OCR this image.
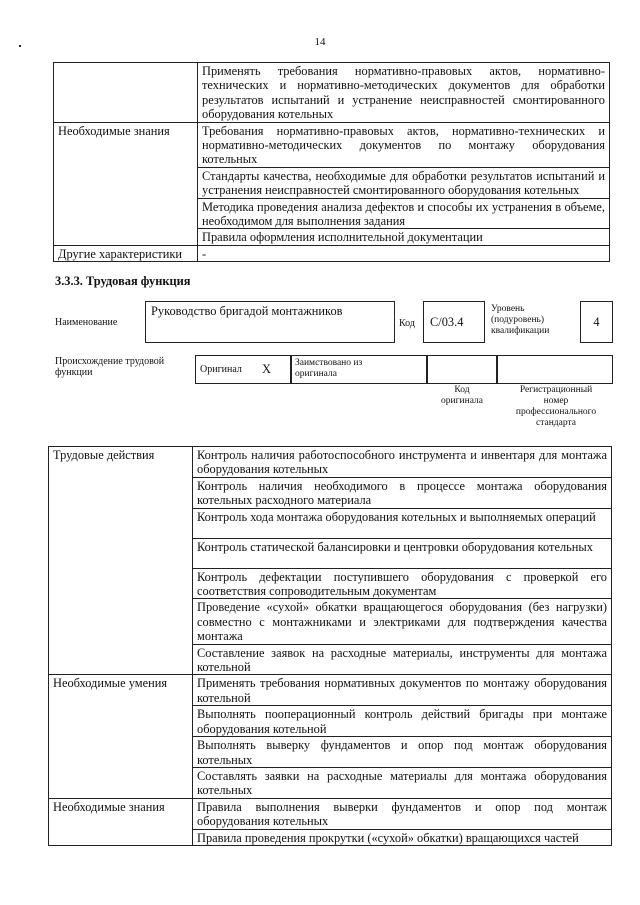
14
	Применять требования нормативно-правовых актов, нормативно-технических и нормативно-методических документов для обработки результатов испытаний и устранение неисправностей смонтированного оборудования котельных
Необходимые знания	Требования нормативно-правовых актов, нормативно-технических и нормативно-методических документов по монтажу оборудования котельных
	Стандарты качества, необходимые для обработки результатов испытаний и устранения неисправностей смонтированного оборудования котельных
	Методика проведения анализа дефектов и способы их устранения в объеме, необходимом для выполнения задания
	Правила оформления исполнительной документации
Другие характеристики	-
3.3.3. Трудовая функция
Наименование
Руководство бригадой монтажников
Код	C/03.4
Уровень
(подуровень)
квалификации
4
Происхождение трудовой
функции	Оригинал X	Заимствовано из
оригинала
Код
оригинала
Регистрационный
номер
профессионального
стандарта
Трудовые действия	Контроль наличия работоспособного инструмента и инвентаря для монтажа оборудования котельных
	Контроль наличия необходимого в процессе монтажа оборудования котельных расходного материала
	Контроль хода монтажа оборудования котельных и выполняемых операций
	Контроль статической балансировки и центровки оборудования котельных
	Контроль дефектации поступившего оборудования с проверкой его соответствия сопроводительным документам
	Проведение «сухой» обкатки вращающегося оборудования (без нагрузки) совместно с монтажниками и электриками для подтверждения качества монтажа
	Составление заявок на расходные материалы, инструменты для монтажа котельной
Необходимые умения	Применять требования нормативных документов по монтажу оборудования котельной
	Выполнять пооперационный контроль действий бригады при монтаже оборудования котельной
	Выполнять выверку фундаментов и опор под монтаж оборудования котельных
	Составлять заявки на расходные материалы для монтажа оборудования котельных
Необходимые знания	Правила выполнения выверки фундаментов и опор под монтаж оборудования котельных
	Правила проведения прокрутки («сухой» обкатки) вращающихся частей
